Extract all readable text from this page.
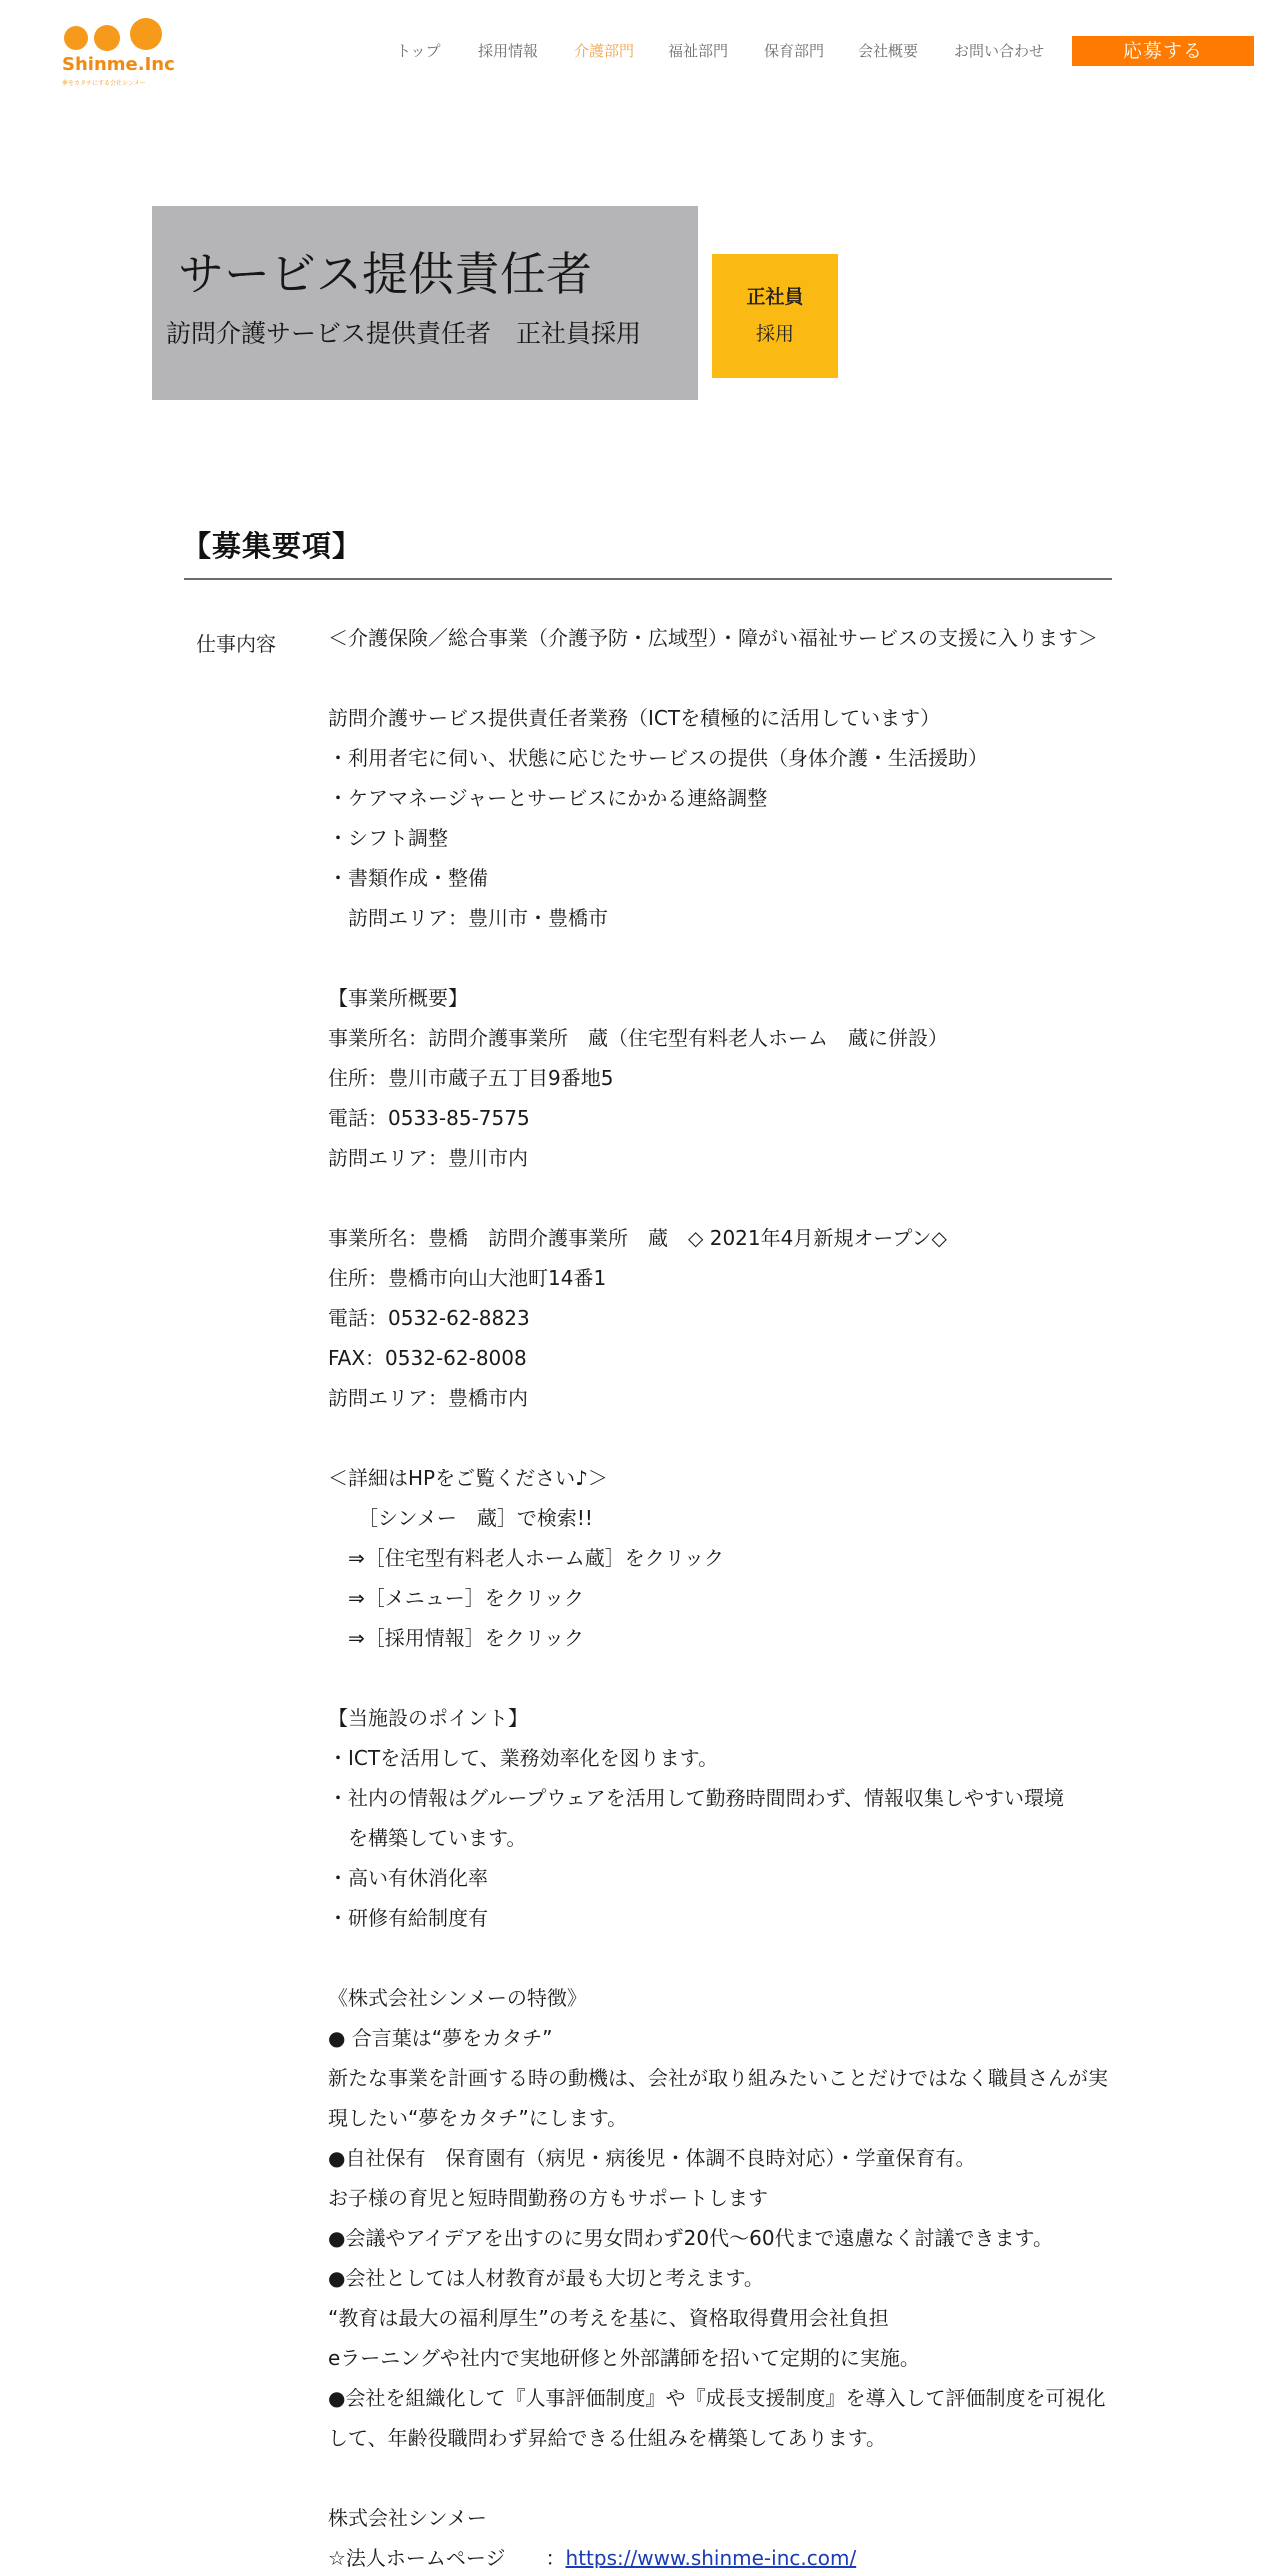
Shinme.Inc
夢をカタチにする会社シンメー
トップ 採用情報 介護部門 福祉部門 保育部門 会社概要 お問い合わせ	応募する
サービス提供責任者
訪問介護サービス提供責任者　正社員採用
正社員
採用
【募集要項】
仕事内容	＜介護保険／総合事業（介護予防・広域型）・障がい福祉サービスの支援に入ります＞
訪問介護サービス提供責任者業務（ICTを積極的に活用しています）
・利用者宅に伺い、状態に応じたサービスの提供（身体介護・生活援助）
・ケアマネージャーとサービスにかかる連絡調整
・シフト調整
・書類作成・整備
　訪問エリア：豊川市・豊橋市
【事業所概要】
事業所名：訪問介護事業所　蔵（住宅型有料老人ホーム　蔵に併設）
住所：豊川市蔵子五丁目9番地5
電話：0533-85-7575
訪問エリア：豊川市内
事業所名：豊橋　訪問介護事業所　蔵　◇ 2021年4月新規オープン◇
住所：豊橋市向山大池町14番1
電話：0532-62-8823
FAX：0532-62-8008
訪問エリア：豊橋市内
＜詳細はHPをご覧ください♪＞
　　［シンメー　蔵］で検索!!
　⇒［住宅型有料老人ホーム蔵］をクリック
　⇒［メニュー］をクリック
　⇒［採用情報］をクリック
【当施設のポイント】
・ICTを活用して、業務効率化を図ります。
・社内の情報はグループウェアを活用して勤務時間問わず、情報収集しやすい環境
　を構築しています。
・高い有休消化率
・研修有給制度有
《株式会社シンメーの特徴》
● 合言葉は“夢をカタチ”
新たな事業を計画する時の動機は、会社が取り組みたいことだけではなく職員さんが実
現したい“夢をカタチ”にします。
●自社保有　保育園有（病児・病後児・体調不良時対応）・学童保育有。
お子様の育児と短時間勤務の方もサポートします
●会議やアイデアを出すのに男女問わず20代〜60代まで遠慮なく討議できます。
●会社としては人材教育が最も大切と考えます。
“教育は最大の福利厚生”の考えを基に、資格取得費用会社負担
eラーニングや社内で実地研修と外部講師を招いて定期的に実施。
●会社を組織化して『人事評価制度』や『成長支援制度』を導入して評価制度を可視化
して、年齢役職問わず昇給できる仕組みを構築してあります。
株式会社シンメー
☆法人ホームページ　　：https://www.shinme-inc.com/
